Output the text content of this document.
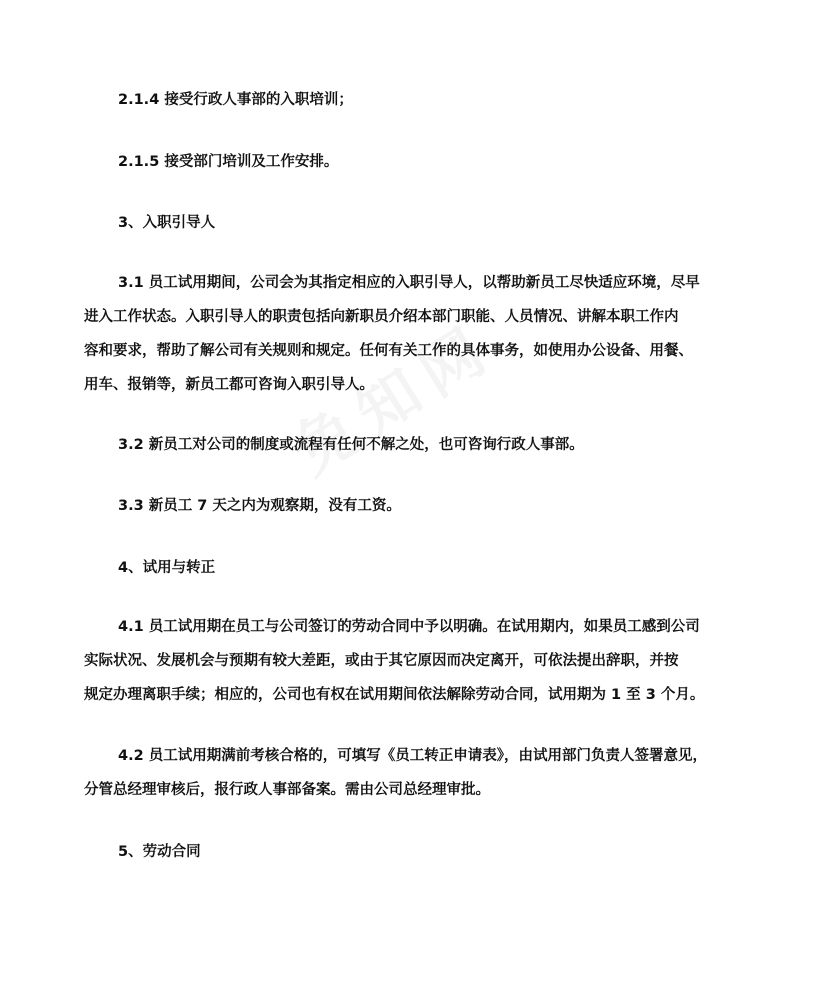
2.1.4 接受行政人事部的入职培训；
2.1.5 接受部门培训及工作安排。
3、入职引导人
3.1 员工试用期间，公司会为其指定相应的入职引导人，以帮助新员工尽快适应环境，尽早
进入工作状态。入职引导人的职责包括向新职员介绍本部门职能、人员情况、讲解本职工作内
容和要求，帮助了解公司有关规则和规定。任何有关工作的具体事务，如使用办公设备、用餐、
用车、报销等，新员工都可咨询入职引导人。
3.2 新员工对公司的制度或流程有任何不解之处，也可咨询行政人事部。
3.3 新员工 7 天之内为观察期，没有工资。
4、试用与转正
4.1 员工试用期在员工与公司签订的劳动合同中予以明确。在试用期内，如果员工感到公司
实际状况、发展机会与预期有较大差距，或由于其它原因而决定离开，可依法提出辞职，并按
规定办理离职手续；相应的，公司也有权在试用期间依法解除劳动合同，试用期为 1 至 3 个月。
4.2 员工试用期满前考核合格的，可填写《员工转正申请表》，由试用部门负责人签署意见，
分管总经理审核后，报行政人事部备案。需由公司总经理审批。
5、劳动合同
